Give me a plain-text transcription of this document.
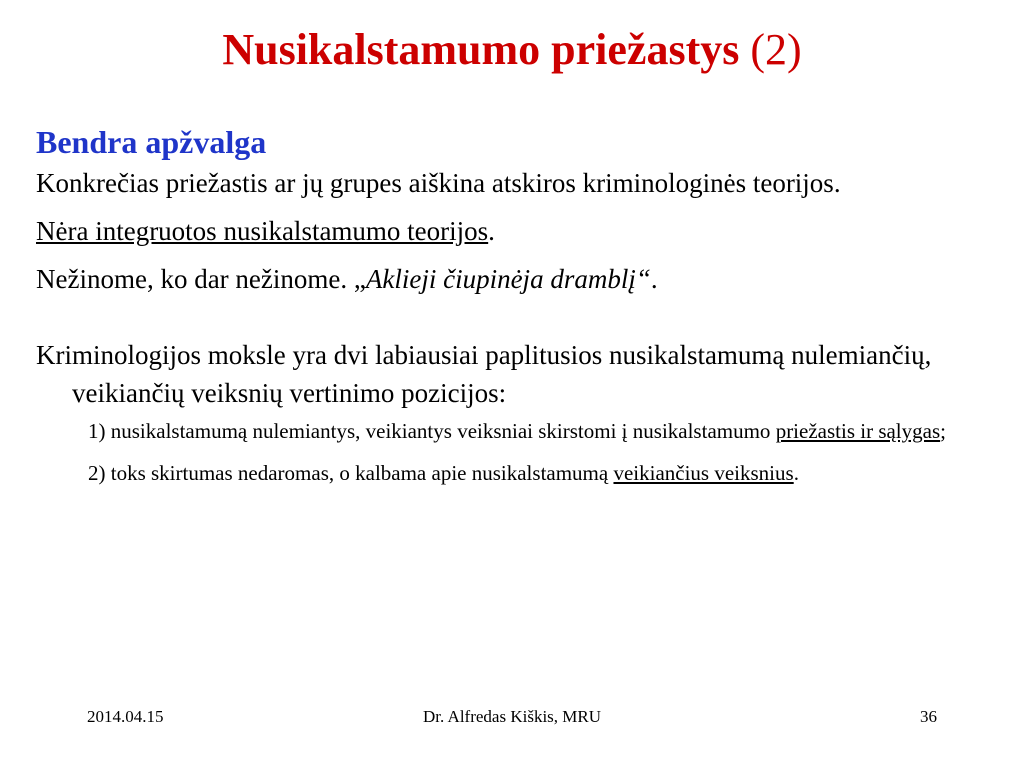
Nusikalstamumo priežastys (2)
Bendra apžvalga

Konkrečias priežastis ar jų grupes aiškina atskiros kriminologinės teorijos.

Nėra integruotos nusikalstamumo teorijos.

Nežinome, ko dar nežinome. „Aklieji čiupinėja dramblį“.

Kriminologijos moksle yra dvi labiausiai paplitusios nusikalstamumą nulemiančių, veikiančių veiksnių vertinimo pozicijos:

1) nusikalstamumą nulemiantys, veikiantys veiksniai skirstomi į nusikalstamumo priežastis ir sąlygas;
2) toks skirtumas nedaromas, o kalbama apie nusikalstamumą veikiančius veiksnius.
2014.04.15	Dr. Alfredas Kiškis, MRU	36
